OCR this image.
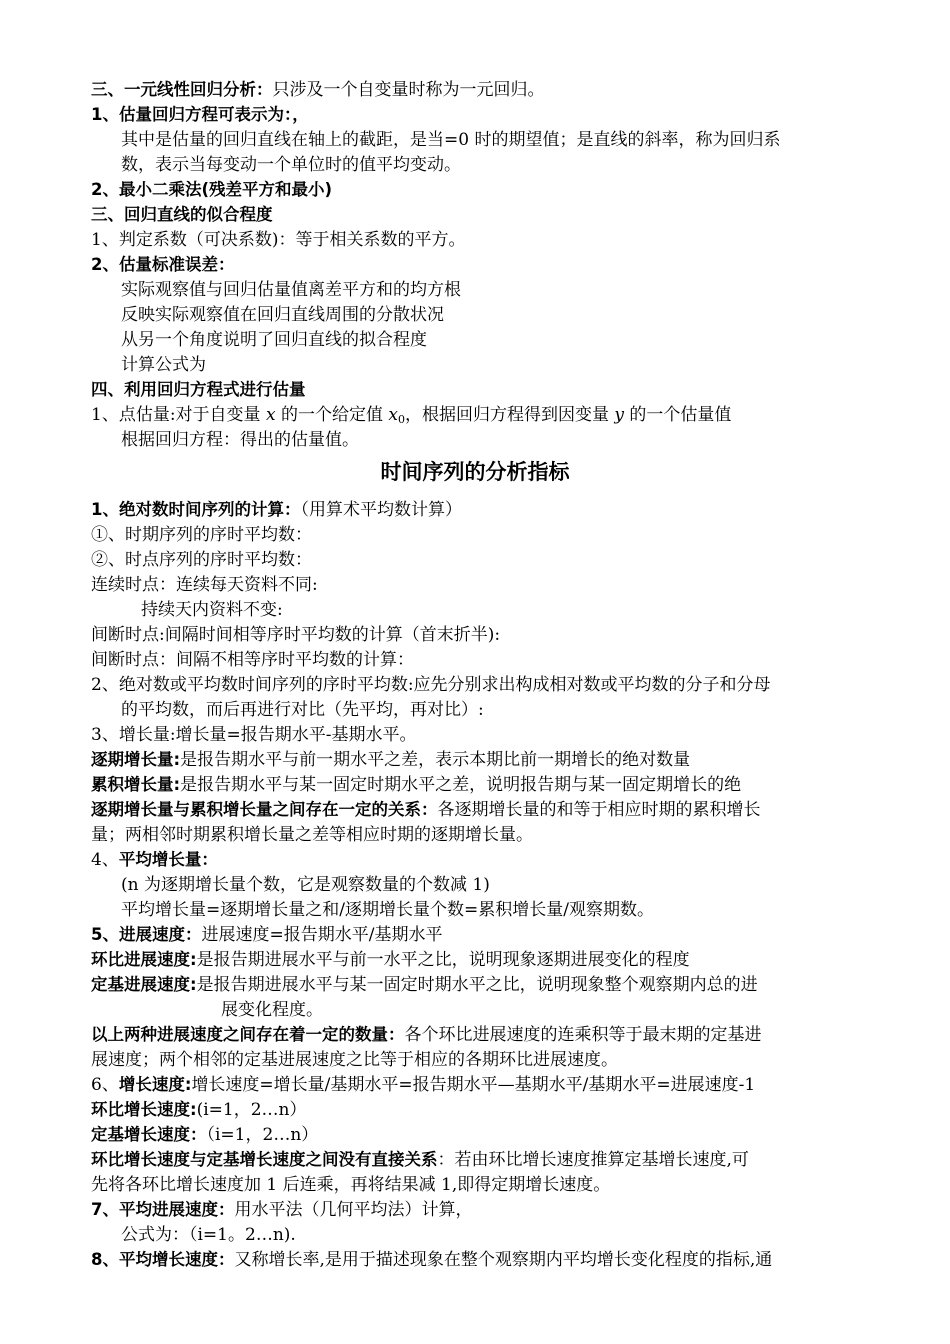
三、一元线性回归分析：只涉及一个自变量时称为一元回归。
1、估量回归方程可表示为：，
其中是估量的回归直线在轴上的截距，是当=0 时的期望值；是直线的斜率，称为回归系
数，表示当每变动一个单位时的值平均变动。
2、最小二乘法(残差平方和最小)
三、回归直线的似合程度
1、判定系数（可决系数)：等于相关系数的平方。
2、估量标准误差：
实际观察值与回归估量值离差平方和的均方根
反映实际观察值在回归直线周围的分散状况
从另一个角度说明了回归直线的拟合程度
计算公式为
四、利用回归方程式进行估量
1、点估量:对于自变量 x 的一个给定值 $x_0$，根据回归方程得到因变量 y 的一个估量值
根据回归方程：得出的估量值。
时间序列的分析指标
1、绝对数时间序列的计算：（用算术平均数计算）
①、时期序列的序时平均数：
②、时点序列的序时平均数：
连续时点：连续每天资料不同:
持续天内资料不变:
间断时点:间隔时间相等序时平均数的计算（首末折半):
间断时点：间隔不相等序时平均数的计算：
2、绝对数或平均数时间序列的序时平均数:应先分别求出构成相对数或平均数的分子和分母
的平均数，而后再进行对比（先平均，再对比）:
3、增长量:增长量=报告期水平-基期水平。
逐期增长量:是报告期水平与前一期水平之差，表示本期比前一期增长的绝对数量
累积增长量:是报告期水平与某一固定时期水平之差，说明报告期与某一固定期增长的绝
逐期增长量与累积增长量之间存在一定的关系：各逐期增长量的和等于相应时期的累积增长
量；两相邻时期累积增长量之差等相应时期的逐期增长量。
4、平均增长量：
(n 为逐期增长量个数，它是观察数量的个数减 1)
平均增长量=逐期增长量之和/逐期增长量个数=累积增长量/观察期数。
5、进展速度：进展速度=报告期水平/基期水平
环比进展速度:是报告期进展水平与前一水平之比，说明现象逐期进展变化的程度
定基进展速度:是报告期进展水平与某一固定时期水平之比，说明现象整个观察期内总的进
展变化程度。
以上两种进展速度之间存在着一定的数量：各个环比进展速度的连乘积等于最末期的定基进
展速度；两个相邻的定基进展速度之比等于相应的各期环比进展速度。
6、增长速度:增长速度=增长量/基期水平=报告期水平—基期水平/基期水平=进展速度-1
环比增长速度:(i=1，2…n）
定基增长速度：（i=1，2…n）
环比增长速度与定基增长速度之间没有直接关系：若由环比增长速度推算定基增长速度,可
先将各环比增长速度加 1 后连乘，再将结果减 1,即得定期增长速度。
7、平均进展速度：用水平法（几何平均法）计算，
公式为：（i=1。2…n).
8、平均增长速度：又称增长率,是用于描述现象在整个观察期内平均增长变化程度的指标,通
